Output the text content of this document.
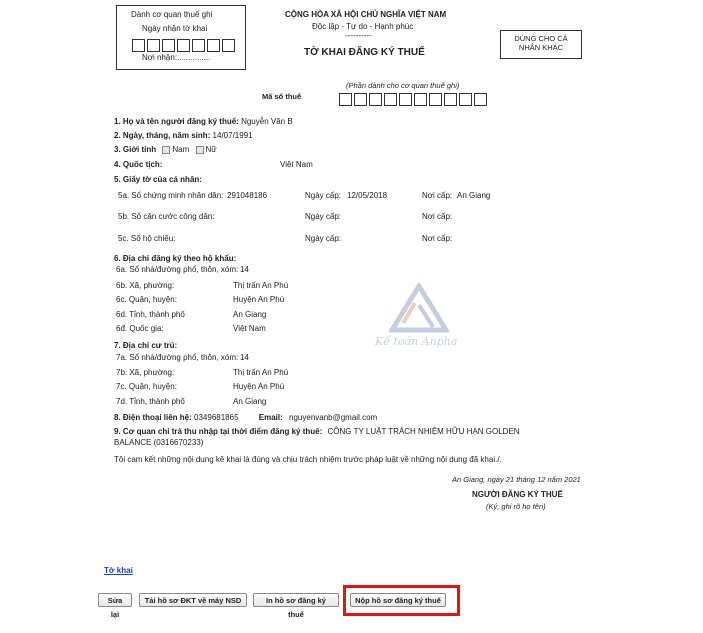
Dành cơ quan thuế ghi
Ngày nhận tờ khai
Nơi nhận:...............
CỘNG HÒA XÃ HỘI CHỦ NGHĨA VIỆT NAM
Độc lập - Tự do - Hạnh phúc
----------
TỜ KHAI ĐĂNG KÝ THUẾ
DÙNG CHO CÁ
NHÂN KHÁC
(Phần dành cho cơ quan thuế ghi)
Mã số thuế
1. Họ và tên người đăng ký thuế: Nguyễn Văn B
2. Ngày, tháng, năm sinh: 14/07/1991
3. Giới tính Nam Nữ
4. Quốc tịch:	Việt Nam
5. Giấy tờ của cá nhân:
5a. Số chứng minh nhân dân: 291048186	Ngày cấp: 12/05/2018	Nơi cấp: An Giang
5b. Số căn cước công dân:	Ngày cấp:	Nơi cấp:
5c. Số hộ chiếu:	Ngày cấp:	Nơi cấp:
6. Địa chỉ đăng ký theo hộ khẩu:
6a. Số nhà/đường phố, thôn, xóm: 14
6b. Xã, phường:	Thị trấn An Phú
6c. Quận, huyện:	Huyện An Phú
6d. Tỉnh, thành phố	An Giang
6đ. Quốc gia:	Việt Nam
Kế toán Anpha
7. Địa chỉ cư trú:
7a. Số nhà/đường phố, thôn, xóm: 14
7b. Xã, phường:	Thị trấn An Phú
7c. Quận, huyện:	Huyện An Phú
7d. Tỉnh, thành phố	An Giang
8. Điện thoại liên hệ: 0349681865	Email: nguyenvanb@gmail.com
9. Cơ quan chi trả thu nhập tại thời điểm đăng ký thuế: CÔNG TY LUẬT TRÁCH NHIỆM HỮU HẠN GOLDEN
BALANCE (0316670233)
Tôi cam kết những nội dung kê khai là đúng và chịu trách nhiệm trước pháp luật về những nội dung đã khai./.
An Giang, ngày 21 tháng 12 năm 2021
NGƯỜI ĐĂNG KÝ THUẾ
(Ký, ghi rõ họ tên)
Tờ khai
Sửa lại
Tải hồ sơ ĐKT về máy NSD	In hồ sơ đăng ký thuế
Nộp hồ sơ đăng ký thuế
